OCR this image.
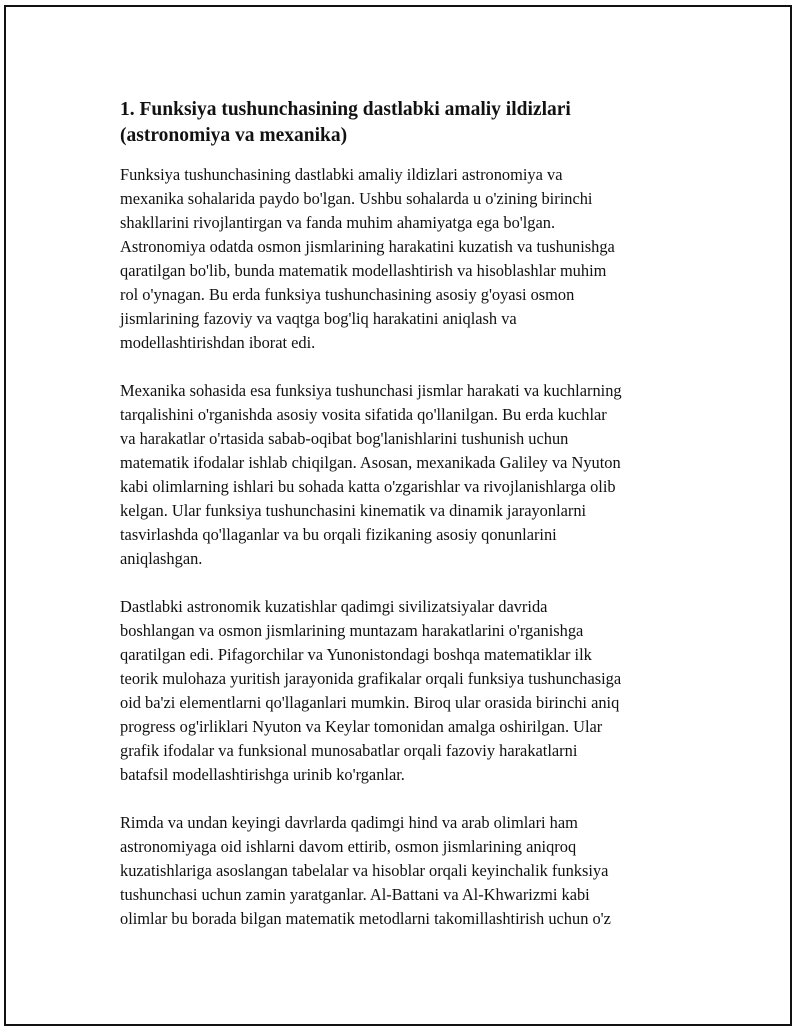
1. Funksiya tushunchasining dastlabki amaliy ildizlari
(astronomiya va mexanika)

Funksiya tushunchasining dastlabki amaliy ildizlari astronomiya va
mexanika sohalarida paydo bo'lgan. Ushbu sohalarda u o'zining birinchi
shakllarini rivojlantirgan va fanda muhim ahamiyatga ega bo'lgan.
Astronomiya odatda osmon jismlarining harakatini kuzatish va tushunishga
qaratilgan bo'lib, bunda matematik modellashtirish va hisoblashlar muhim
rol o'ynagan. Bu erda funksiya tushunchasining asosiy g'oyasi osmon
jismlarining fazoviy va vaqtga bog'liq harakatini aniqlash va
modellashtirishdan iborat edi.

Mexanika sohasida esa funksiya tushunchasi jismlar harakati va kuchlarning
tarqalishini o'rganishda asosiy vosita sifatida qo'llanilgan. Bu erda kuchlar
va harakatlar o'rtasida sabab-oqibat bog'lanishlarini tushunish uchun
matematik ifodalar ishlab chiqilgan. Asosan, mexanikada Galiley va Nyuton
kabi olimlarning ishlari bu sohada katta o'zgarishlar va rivojlanishlarga olib
kelgan. Ular funksiya tushunchasini kinematik va dinamik jarayonlarni
tasvirlashda qo'llaganlar va bu orqali fizikaning asosiy qonunlarini
aniqlashgan.

Dastlabki astronomik kuzatishlar qadimgi sivilizatsiyalar davrida
boshlangan va osmon jismlarining muntazam harakatlarini o'rganishga
qaratilgan edi. Pifagorchilar va Yunonistondagi boshqa matematiklar ilk
teorik mulohaza yuritish jarayonida grafikalar orqali funksiya tushunchasiga
oid ba'zi elementlarni qo'llaganlari mumkin. Biroq ular orasida birinchi aniq
progress og'irliklari Nyuton va Keylar tomonidan amalga oshirilgan. Ular
grafik ifodalar va funksional munosabatlar orqali fazoviy harakatlarni
batafsil modellashtirishga urinib ko'rganlar.

Rimda va undan keyingi davrlarda qadimgi hind va arab olimlari ham
astronomiyaga oid ishlarni davom ettirib, osmon jismlarining aniqroq
kuzatishlariga asoslangan tabelalar va hisoblar orqali keyinchalik funksiya
tushunchasi uchun zamin yaratganlar. Al-Battani va Al-Khwarizmi kabi
olimlar bu borada bilgan matematik metodlarni takomillashtirish uchun o'z
